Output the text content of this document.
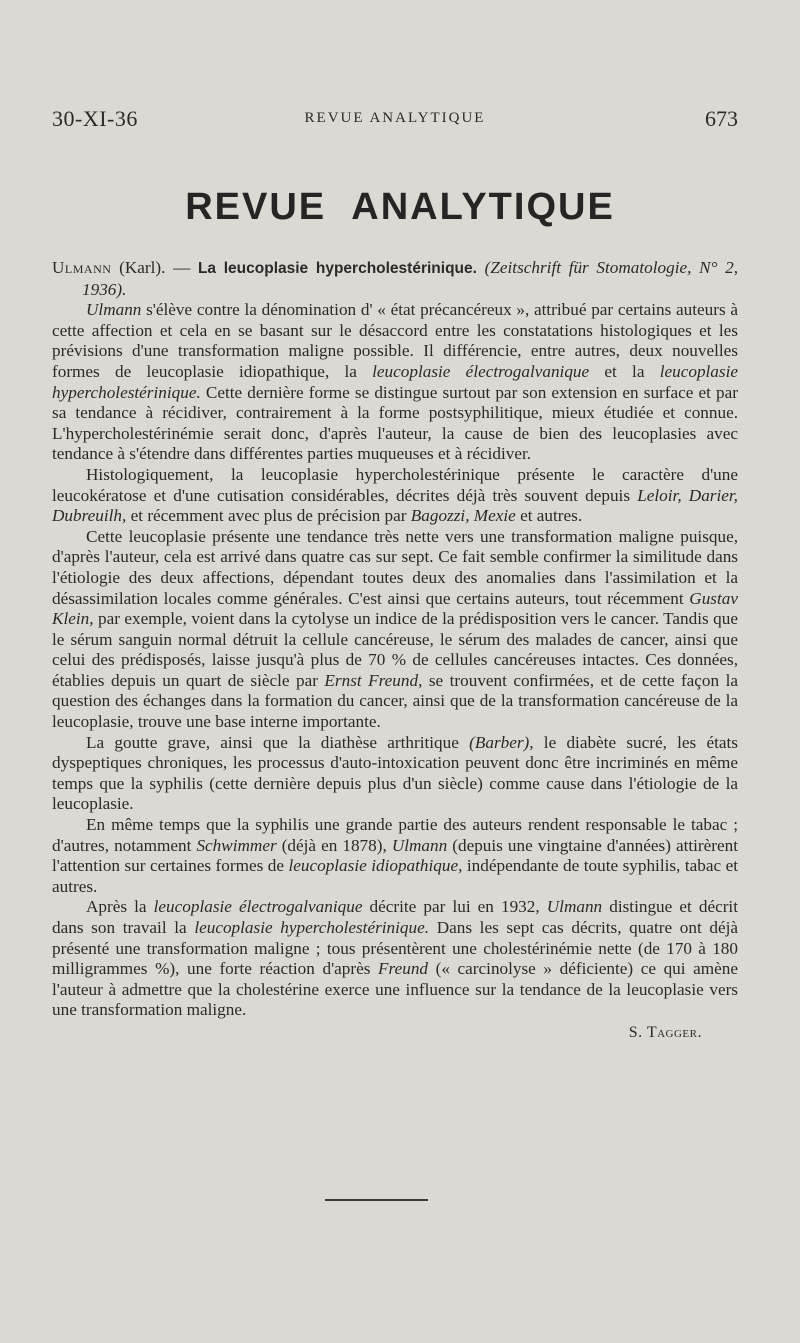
30-XI-36	REVUE ANALYTIQUE	673
REVUE ANALYTIQUE

Ulmann (Karl). — La leucoplasie hypercholestérinique. (Zeitschrift für Stomatologie, N° 2, 1936).

Ulmann s'élève contre la dénomination d' « état précancéreux », attribué par certains auteurs à cette affection et cela en se basant sur le désaccord entre les constatations histologiques et les prévisions d'une transformation maligne possible. Il différencie, entre autres, deux nouvelles formes de leucoplasie idiopathique, la leucoplasie électrogalvanique et la leucoplasie hypercholestérinique. Cette dernière forme se distingue surtout par son extension en surface et par sa tendance à récidiver, contrairement à la forme postsyphilitique, mieux étudiée et connue. L'hypercholestérinémie serait donc, d'après l'auteur, la cause de bien des leucoplasies avec tendance à s'étendre dans différentes parties muqueuses et à récidiver.

Histologiquement, la leucoplasie hypercholestérinique présente le caractère d'une leucokératose et d'une cutisation considérables, décrites déjà très souvent depuis Leloir, Darier, Dubreuilh, et récemment avec plus de précision par Bagozzi, Mexie et autres.

Cette leucoplasie présente une tendance très nette vers une transformation maligne puisque, d'après l'auteur, cela est arrivé dans quatre cas sur sept. Ce fait semble confirmer la similitude dans l'étiologie des deux affections, dépendant toutes deux des anomalies dans l'assimilation et la désassimilation locales comme générales. C'est ainsi que certains auteurs, tout récemment Gustav Klein, par exemple, voient dans la cytolyse un indice de la prédisposition vers le cancer. Tandis que le sérum sanguin normal détruit la cellule cancéreuse, le sérum des malades de cancer, ainsi que celui des prédisposés, laisse jusqu'à plus de 70 % de cellules cancéreuses intactes. Ces données, établies depuis un quart de siècle par Ernst Freund, se trouvent confirmées, et de cette façon la question des échanges dans la formation du cancer, ainsi que de la transformation cancéreuse de la leucoplasie, trouve une base interne importante.

La goutte grave, ainsi que la diathèse arthritique (Barber), le diabète sucré, les états dyspeptiques chroniques, les processus d'auto-intoxication peuvent donc être incriminés en même temps que la syphilis (cette dernière depuis plus d'un siècle) comme cause dans l'étiologie de la leucoplasie.

En même temps que la syphilis une grande partie des auteurs rendent responsable le tabac ; d'autres, notamment Schwimmer (déjà en 1878), Ulmann (depuis une vingtaine d'années) attirèrent l'attention sur certaines formes de leucoplasie idiopathique, indépendante de toute syphilis, tabac et autres.

Après la leucoplasie électrogalvanique décrite par lui en 1932, Ulmann distingue et décrit dans son travail la leucoplasie hypercholestérinique. Dans les sept cas décrits, quatre ont déjà présenté une transformation maligne ; tous présentèrent une cholestérinémie nette (de 170 à 180 milligrammes %), une forte réaction d'après Freund (« carcinolyse » déficiente) ce qui amène l'auteur à admettre que la cholestérine exerce une influence sur la tendance de la leucoplasie vers une transformation maligne.

S. Tagger.
